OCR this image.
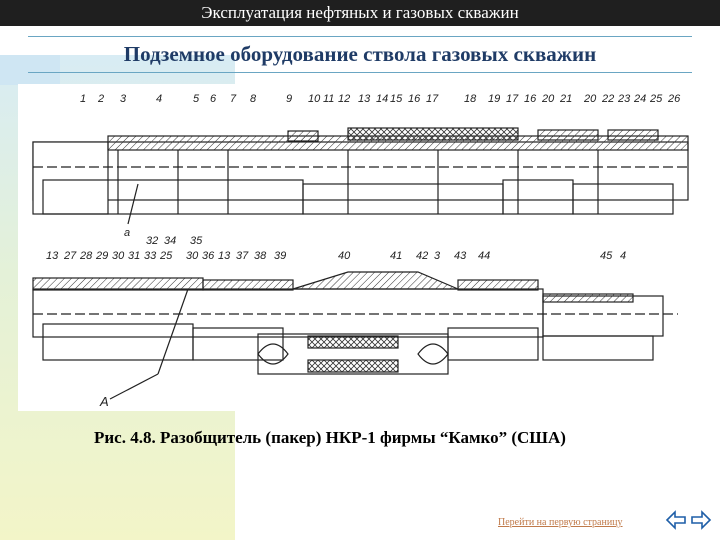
Эксплуатация нефтяных и газовых скважин
Подземное оборудование ствола газовых скважин
1 2 3	4	5 6 7 8	9 10 11 12 13 14 15 16 17 18 19 17 16 20 21 20 22 23 24 25 26
a
13 27 28 29 30 31 33 25
32 34 35
30 36 13 37 38 39	40	41 42 3 43 44	45 4
A
Рис. 4.8. Разобщитель (пакер) НКР-1 фирмы “Камко” (США)
Перейти на первую страницу
